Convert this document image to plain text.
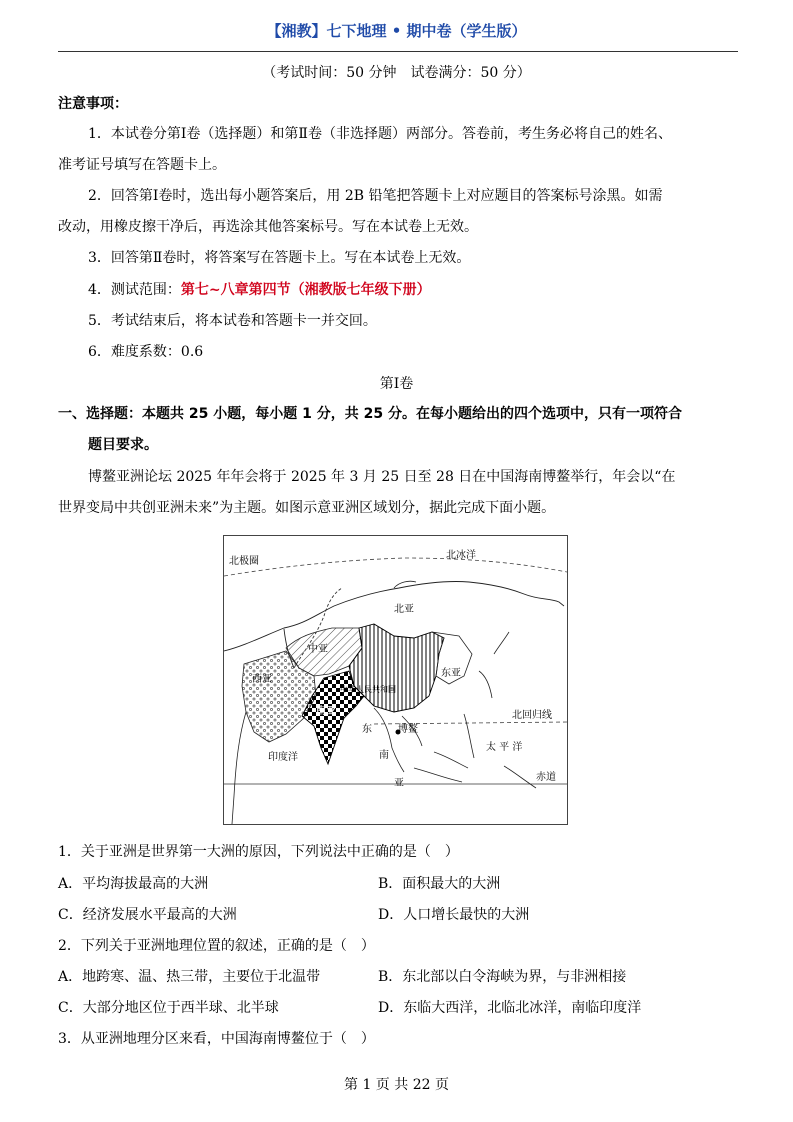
【湘教】七下地理 • 期中卷（学生版）
（考试时间：50 分钟　试卷满分：50 分）
注意事项：
1．本试卷分第Ⅰ卷（选择题）和第Ⅱ卷（非选择题）两部分。答卷前，考生务必将自己的姓名、
准考证号填写在答题卡上。
2．回答第Ⅰ卷时，选出每小题答案后，用 2B 铅笔把答题卡上对应题目的答案标号涂黑。如需
改动，用橡皮擦干净后，再选涂其他答案标号。写在本试卷上无效。
3．回答第Ⅱ卷时，将答案写在答题卡上。写在本试卷上无效。
4．测试范围：第七~八章第四节（湘教版七年级下册）
5．考试结束后，将本试卷和答题卡一并交回。
6．难度系数：0.6
第Ⅰ卷
一、选择题：本题共 25 小题，每小题 1 分，共 25 分。在每小题给出的四个选项中，只有一项符合
题目要求。
博鳌亚洲论坛 2025 年年会将于 2025 年 3 月 25 日至 28 日在中国海南博鳌举行，年会以“在
世界变局中共创亚洲未来”为主题。如图示意亚洲区域划分，据此完成下面小题。
北冰洋
北极圈
北亚
中亚
西亚
东亚
中华人民共和国
南亚
东
南
亚
博鳌
北回归线
太 平 洋
印度洋
赤道
1．关于亚洲是世界第一大洲的原因，下列说法中正确的是（　）
A．平均海拔最高的大洲	B．面积最大的大洲
C．经济发展水平最高的大洲	D．人口增长最快的大洲
2．下列关于亚洲地理位置的叙述，正确的是（　）
A．地跨寒、温、热三带，主要位于北温带	B．东北部以白令海峡为界，与非洲相接
C．大部分地区位于西半球、北半球	D．东临大西洋，北临北冰洋，南临印度洋
3．从亚洲地理分区来看，中国海南博鳌位于（　）
第 1 页 共 22 页
